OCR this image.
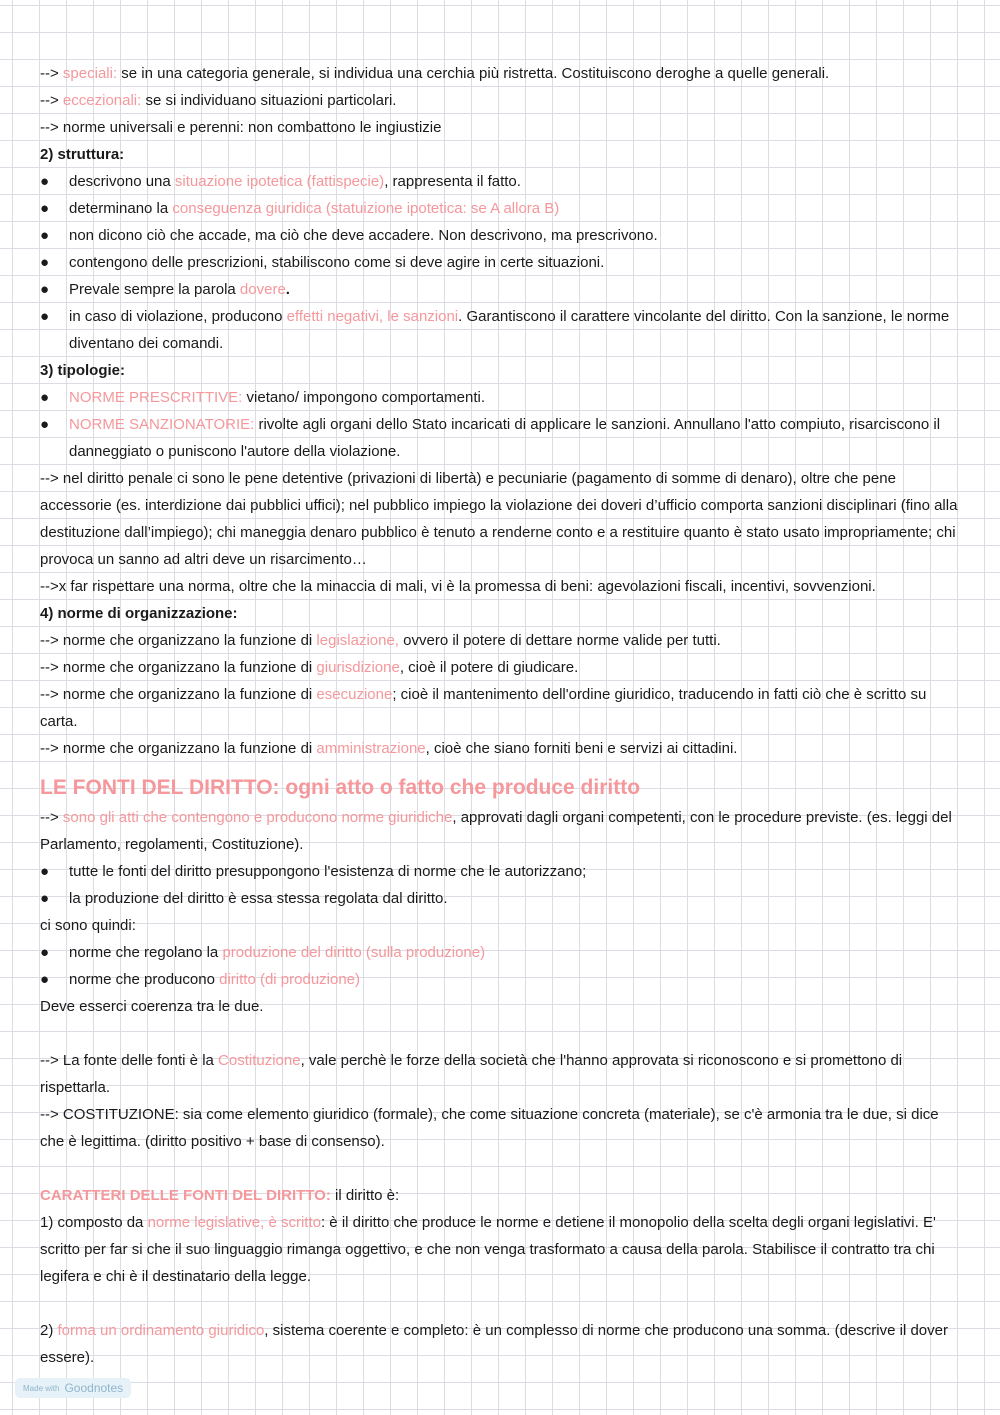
--> speciali: se in una categoria generale, si individua una cerchia più ristretta. Costituiscono deroghe a quelle generali.

--> eccezionali: se si individuano situazioni particolari.

--> norme universali e perenni: non combattono le ingiustizie

2) struttura:

● descrivono una situazione ipotetica (fattispecie), rappresenta il fatto.

● determinano la conseguenza giuridica (statuizione ipotetica: se A allora B)

● non dicono ciò che accade, ma ciò che deve accadere. Non descrivono, ma prescrivono.

● contengono delle prescrizioni, stabiliscono come si deve agire in certe situazioni.

● Prevale sempre la parola dovere.

● in caso di violazione, producono effetti negativi, le sanzioni. Garantiscono il carattere vincolante del diritto. Con la sanzione, le norme diventano dei comandi.

3) tipologie:

● NORME PRESCRITTIVE: vietano/ impongono comportamenti.

● NORME SANZIONATORIE: rivolte agli organi dello Stato incaricati di applicare le sanzioni. Annullano l'atto compiuto, risarciscono il danneggiato o puniscono l'autore della violazione.

--> nel diritto penale ci sono le pene detentive (privazioni di libertà) e pecuniarie (pagamento di somme di denaro), oltre che pene accessorie (es. interdizione dai pubblici uffici); nel pubblico impiego la violazione dei doveri d’ufficio comporta sanzioni disciplinari (fino alla destituzione dall’impiego); chi maneggia denaro pubblico è tenuto a renderne conto e a restituire quanto è stato usato impropriamente; chi provoca un sanno ad altri deve un risarcimento…

-->x far rispettare una norma, oltre che la minaccia di mali, vi è la promessa di beni: agevolazioni fiscali, incentivi, sovvenzioni.

4) norme di organizzazione:

--> norme che organizzano la funzione di legislazione, ovvero il potere di dettare norme valide per tutti.

--> norme che organizzano la funzione di giurisdizione, cioè il potere di giudicare.

--> norme che organizzano la funzione di esecuzione; cioè il mantenimento dell'ordine giuridico, traducendo in fatti ciò che è scritto su carta.

--> norme che organizzano la funzione di amministrazione, cioè che siano forniti beni e servizi ai cittadini.

LE FONTI DEL DIRITTO: ogni atto o fatto che produce diritto

--> sono gli atti che contengono e producono norme giuridiche, approvati dagli organi competenti, con le procedure previste. (es. leggi del Parlamento, regolamenti, Costituzione).

● tutte le fonti del diritto presuppongono l'esistenza di norme che le autorizzano;

● la produzione del diritto è essa stessa regolata dal diritto.

ci sono quindi:

● norme che regolano la produzione del diritto (sulla produzione)

● norme che producono diritto (di produzione)

Deve esserci coerenza tra le due.

--> La fonte delle fonti è la Costituzione, vale perchè le forze della società che l'hanno approvata si riconoscono e si promettono di rispettarla.

--> COSTITUZIONE: sia come elemento giuridico (formale), che come situazione concreta (materiale), se c'è armonia tra le due, si dice che è legittima. (diritto positivo + base di consenso).

CARATTERI DELLE FONTI DEL DIRITTO: il diritto è:

1) composto da norme legislative, è scritto: è il diritto che produce le norme e detiene il monopolio della scelta degli organi legislativi. E' scritto per far si che il suo linguaggio rimanga oggettivo, e che non venga trasformato a causa della parola. Stabilisce il contratto tra chi legifera e chi è il destinatario della legge.

2) forma un ordinamento giuridico, sistema coerente e completo: è un complesso di norme che producono una somma. (descrive il dover essere).

Made with Goodnotes
